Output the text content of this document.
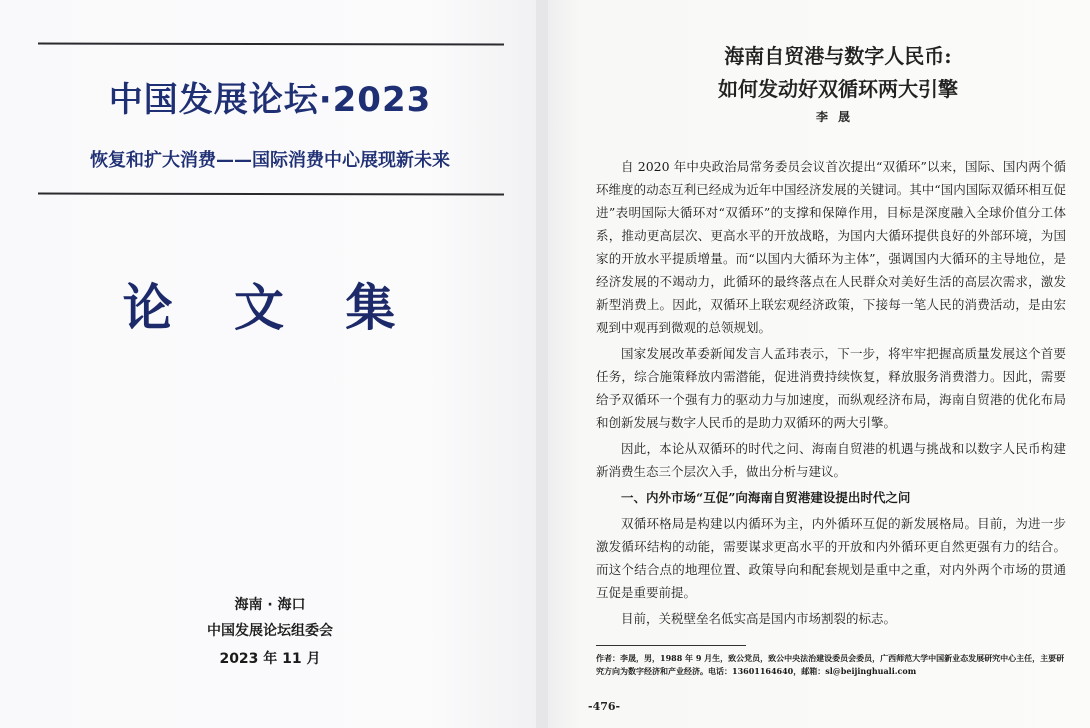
中国发展论坛·2023
恢复和扩大消费——国际消费中心展现新未来
论 文 集
海南 · 海口
中国发展论坛组委会
2023 年 11 月
海南自贸港与数字人民币:
如何发动好双循环两大引擎
李晟

自 2020 年中央政治局常务委员会议首次提出“双循环”以来，国际、国内两个循环维度的动态互利已经成为近年中国经济发展的关键词。其中“国内国际双循环相互促进”表明国际大循环对“双循环”的支撑和保障作用，目标是深度融入全球价值分工体系，推动更高层次、更高水平的开放战略，为国内大循环提供良好的外部环境，为国家的开放水平提质增量。而“以国内大循环为主体”，强调国内大循环的主导地位，是经济发展的不竭动力，此循环的最终落点在人民群众对美好生活的高层次需求，激发新型消费上。因此，双循环上联宏观经济政策，下接每一笔人民的消费活动，是由宏观到中观再到微观的总领规划。

国家发展改革委新闻发言人孟玮表示，下一步，将牢牢把握高质量发展这个首要任务，综合施策释放内需潜能，促进消费持续恢复，释放服务消费潜力。因此，需要给予双循环一个强有力的驱动力与加速度，而纵观经济布局，海南自贸港的优化布局和创新发展与数字人民币的是助力双循环的两大引擎。

因此，本论从双循环的时代之问、海南自贸港的机遇与挑战和以数字人民币构建新消费生态三个层次入手，做出分析与建议。

一、内外市场“互促”向海南自贸港建设提出时代之问

双循环格局是构建以内循环为主，内外循环互促的新发展格局。目前，为进一步激发循环结构的动能，需要谋求更高水平的开放和内外循环更自然更强有力的结合。而这个结合点的地理位置、政策导向和配套规划是重中之重，对内外两个市场的贯通互促是重要前提。

目前，关税壁垒名低实高是国内市场割裂的标志。

作者：李晟，男，1988 年 9 月生，致公党员，致公中央法治建设委员会委员，广西师范大学中国新业态发展研究中心主任，主要研究方向为数字经济和产业经济。电话：13601164640，邮箱：sl@beijinghuali.com
-476-
